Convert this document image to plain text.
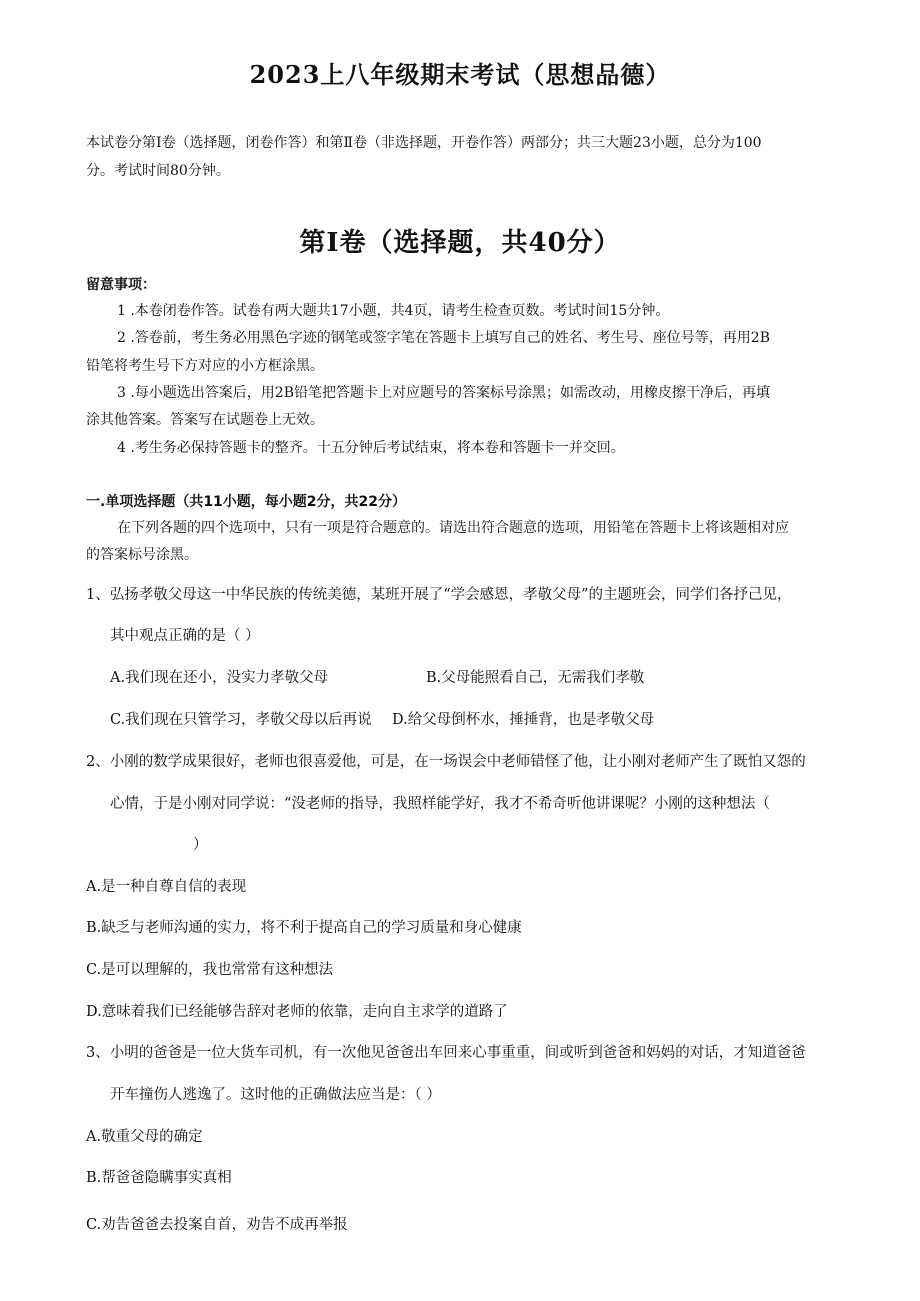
2023上八年级期末考试（思想品德）
本试卷分第Ⅰ卷（选择题，闭卷作答）和第Ⅱ卷（非选择题，开卷作答）两部分；共三大题23小题，总分为100
分。考试时间80分钟。
第Ⅰ卷（选择题，共40分）
留意事项：
1 .本卷闭卷作答。试卷有两大题共17小题，共4页，请考生检查页数。考试时间15分钟。
2 .答卷前，考生务必用黑色字迹的钢笔或签字笔在答题卡上填写自己的姓名、考生号、座位号等，再用2B
铅笔将考生号下方对应的小方框涂黑。
3 .每小题选出答案后，用2B铅笔把答题卡上对应题号的答案标号涂黑；如需改动，用橡皮擦干净后，再填
涂其他答案。答案写在试题卷上无效。
4 .考生务必保持答题卡的整齐。十五分钟后考试结束，将本卷和答题卡一并交回。
一.单项选择题（共11小题，每小题2分，共22分）
在下列各题的四个选项中，只有一项是符合题意的。请选出符合题意的选项，用铅笔在答题卡上将该题相对应
的答案标号涂黑。
1、弘扬孝敬父母这一中华民族的传统美德，某班开展了“学会感恩，孝敬父母”的主题班会，同学们各抒己见，
其中观点正确的是（ ）
A.我们现在还小，没实力孝敬父母	B.父母能照看自己，无需我们孝敬
C.我们现在只管学习，孝敬父母以后再说 D.给父母倒杯水，捶捶背，也是孝敬父母
2、小刚的数学成果很好，老师也很喜爱他，可是，在一场误会中老师错怪了他，让小刚对老师产生了既怕又怨的
心情，于是小刚对同学说：“没老师的指导，我照样能学好，我才不希奇听他讲课呢？小刚的这种想法（
）
A.是一种自尊自信的表现
B.缺乏与老师沟通的实力，将不利于提高自己的学习质量和身心健康
C.是可以理解的，我也常常有这种想法
D.意味着我们已经能够告辞对老师的依靠，走向自主求学的道路了
3、小明的爸爸是一位大货车司机，有一次他见爸爸出车回来心事重重，间或听到爸爸和妈妈的对话，才知道爸爸
开车撞伤人逃逸了。这时他的正确做法应当是：（ ）
A.敬重父母的确定
B.帮爸爸隐瞒事实真相
C.劝告爸爸去投案自首，劝告不成再举报
